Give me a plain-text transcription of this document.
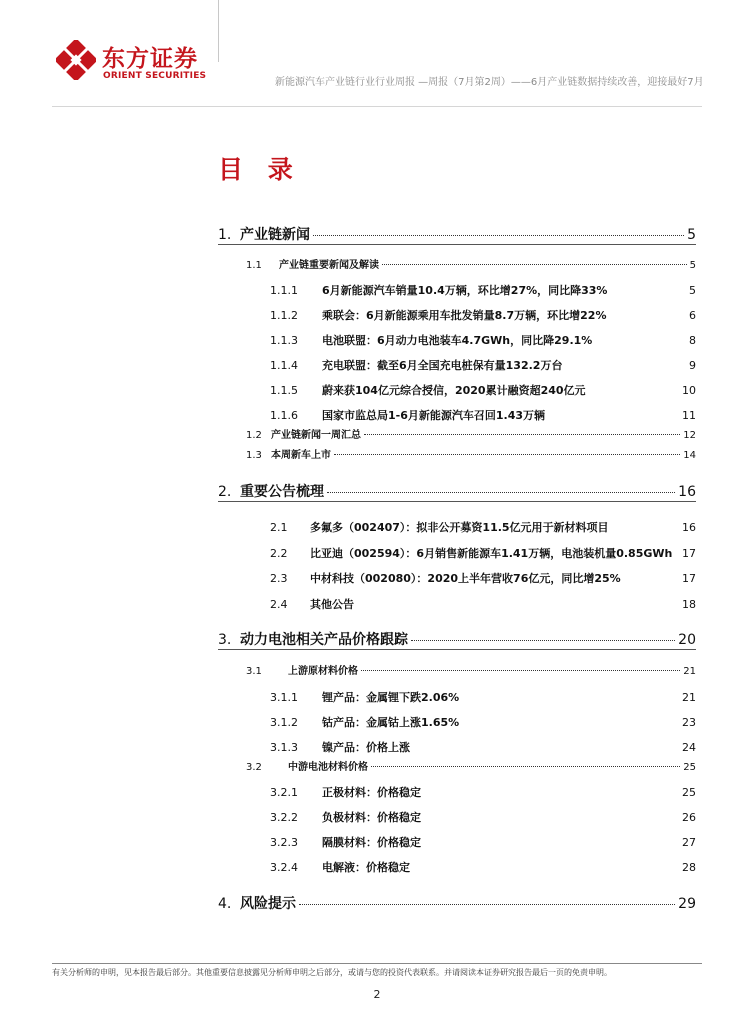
东方证券
ORIENT SECURITIES
新能源汽车产业链行业行业周报 —周报（7月第2周）——6月产业链数据持续改善，迎接最好7月
目 录
1. 产业链新闻	5
1.1	产业链重要新闻及解读	5
1.1.1	6月新能源汽车销量10.4万辆，环比增27%，同比降33%	5
1.1.2	乘联会：6月新能源乘用车批发销量8.7万辆，环比增22%	6
1.1.3	电池联盟：6月动力电池装车4.7GWh，同比降29.1%	8
1.1.4	充电联盟：截至6月全国充电桩保有量132.2万台	9
1.1.5	蔚来获104亿元综合授信，2020累计融资超240亿元	10
1.1.6	国家市监总局1-6月新能源汽车召回1.43万辆	11
1.2 产业链新闻一周汇总	12
1.3 本周新车上市	14
2. 重要公告梳理	16
2.1	多氟多（002407）：拟非公开募资11.5亿元用于新材料项目	16
2.2	比亚迪（002594）：6月销售新能源车1.41万辆，电池装机量0.85GWh 17
2.3	中材科技（002080）：2020上半年营收76亿元，同比增25%	17
2.4	其他公告	18
3. 动力电池相关产品价格跟踪	20
3.1	上游原材料价格	21
3.1.1	锂产品：金属锂下跌2.06%	21
3.1.2	钴产品：金属钴上涨1.65%	23
3.1.3	镍产品：价格上涨	24
3.2	中游电池材料价格	25
3.2.1	正极材料：价格稳定	25
3.2.2	负极材料：价格稳定	26
3.2.3	隔膜材料：价格稳定	27
3.2.4	电解液：价格稳定	28
4. 风险提示	29
有关分析师的申明，见本报告最后部分。其他重要信息披露见分析师申明之后部分，或请与您的投资代表联系。并请阅读本证券研究报告最后一页的免责申明。
2
